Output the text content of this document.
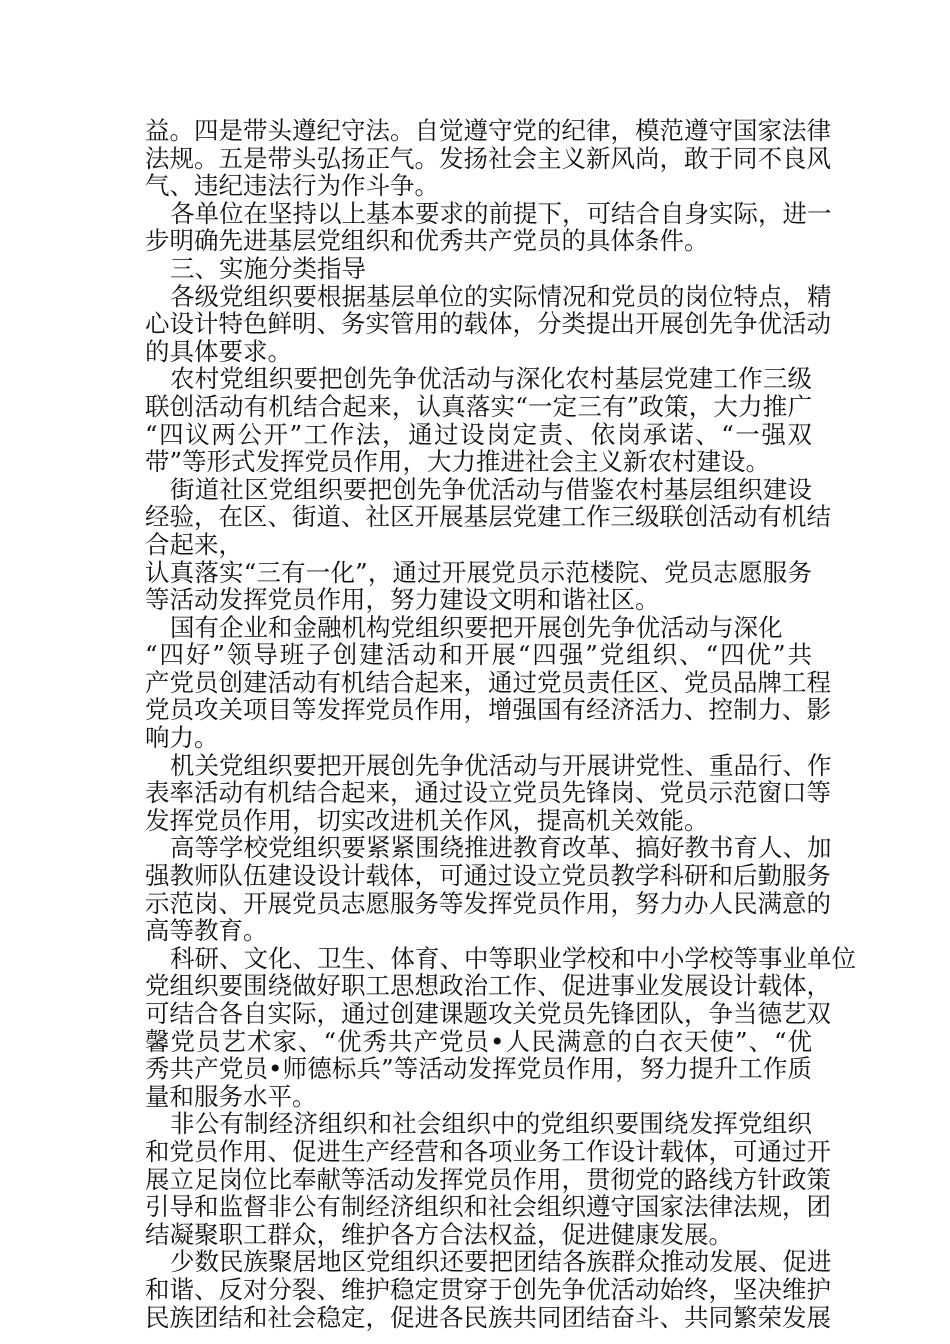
益。四是带头遵纪守法。自觉遵守党的纪律，模范遵守国家法律
法规。五是带头弘扬正气。发扬社会主义新风尚，敢于同不良风
气、违纪违法行为作斗争。
各单位在坚持以上基本要求的前提下，可结合自身实际，进一
步明确先进基层党组织和优秀共产党员的具体条件。
三、实施分类指导
各级党组织要根据基层单位的实际情况和党员的岗位特点，精
心设计特色鲜明、务实管用的载体，分类提出开展创先争优活动
的具体要求。
农村党组织要把创先争优活动与深化农村基层党建工作三级
联创活动有机结合起来，认真落实“一定三有”政策，大力推广
“四议两公开”工作法，通过设岗定责、依岗承诺、“一强双
带”等形式发挥党员作用，大力推进社会主义新农村建设。
街道社区党组织要把创先争优活动与借鉴农村基层组织建设
经验，在区、街道、社区开展基层党建工作三级联创活动有机结
合起来，
认真落实“三有一化”，通过开展党员示范楼院、党员志愿服务
等活动发挥党员作用，努力建设文明和谐社区。
国有企业和金融机构党组织要把开展创先争优活动与深化
“四好”领导班子创建活动和开展“四强”党组织、“四优”共
产党员创建活动有机结合起来，通过党员责任区、党员品牌工程
党员攻关项目等发挥党员作用，增强国有经济活力、控制力、影
响力。
机关党组织要把开展创先争优活动与开展讲党性、重品行、作
表率活动有机结合起来，通过设立党员先锋岗、党员示范窗口等
发挥党员作用，切实改进机关作风，提高机关效能。
高等学校党组织要紧紧围绕推进教育改革、搞好教书育人、加
强教师队伍建设设计载体，可通过设立党员教学科研和后勤服务
示范岗、开展党员志愿服务等发挥党员作用，努力办人民满意的
高等教育。
科研、文化、卫生、体育、中等职业学校和中小学校等事业单位
党组织要围绕做好职工思想政治工作、促进事业发展设计载体，
可结合各自实际，通过创建课题攻关党员先锋团队，争当德艺双
馨党员艺术家、“优秀共产党员•人民满意的白衣天使”、“优
秀共产党员•师德标兵”等活动发挥党员作用，努力提升工作质
量和服务水平。
非公有制经济组织和社会组织中的党组织要围绕发挥党组织
和党员作用、促进生产经营和各项业务工作设计载体，可通过开
展立足岗位比奉献等活动发挥党员作用，贯彻党的路线方针政策
引导和监督非公有制经济组织和社会组织遵守国家法律法规，团
结凝聚职工群众，维护各方合法权益，促进健康发展。
少数民族聚居地区党组织还要把团结各族群众推动发展、促进
和谐、反对分裂、维护稳定贯穿于创先争优活动始终，坚决维护
民族团结和社会稳定，促进各民族共同团结奋斗、共同繁荣发展
